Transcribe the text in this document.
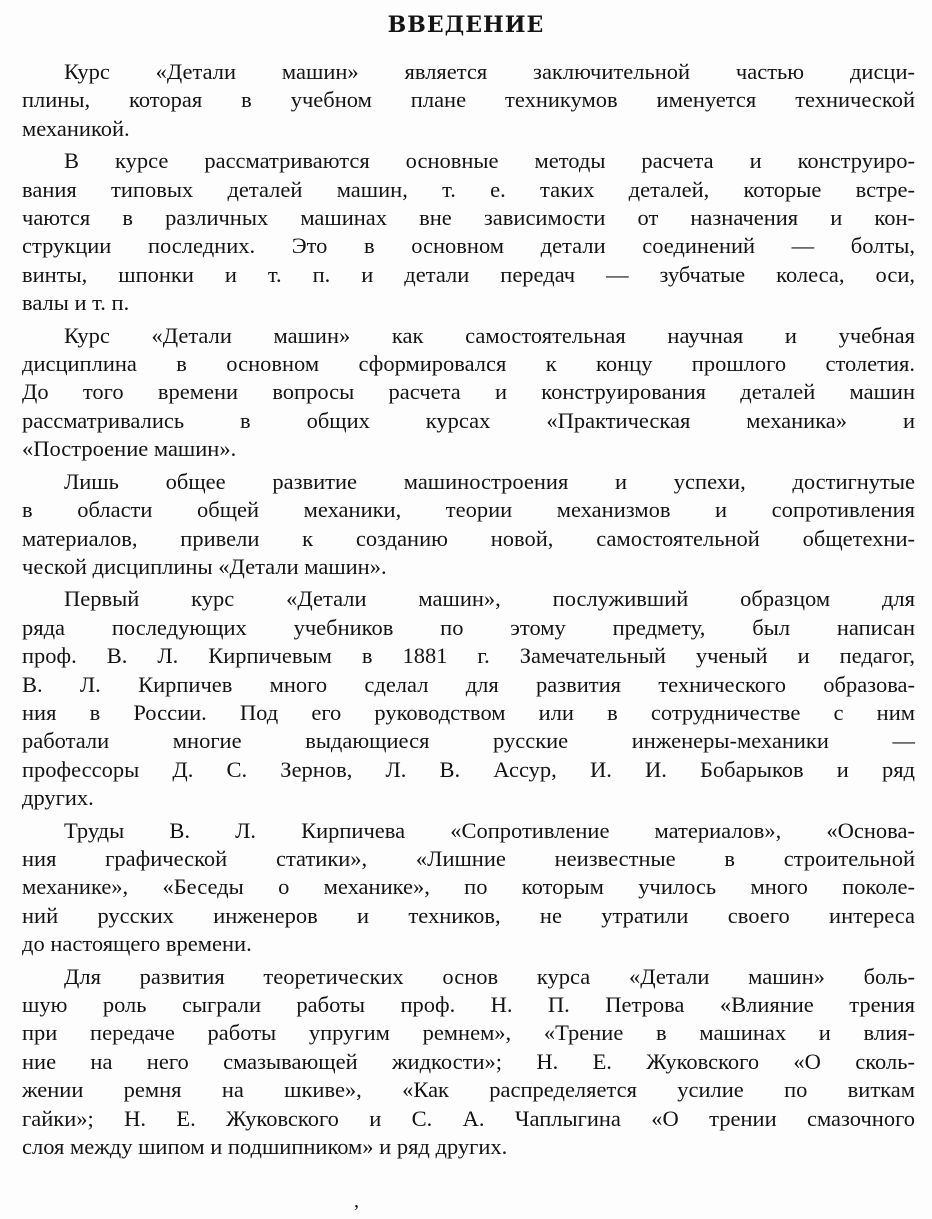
ВВЕДЕНИЕ
Курс «Детали машин» является заключительной частью дисци-
плины, которая в учебном плане техникумов именуется технической
механикой.
В курсе рассматриваются основные методы расчета и конструиро-
вания типовых деталей машин, т. е. таких деталей, которые встре-
чаются в различных машинах вне зависимости от назначения и кон-
струкции последних. Это в основном детали соединений — болты,
винты, шпонки и т. п. и детали передач — зубчатые колеса, оси,
валы и т. п.
Курс «Детали машин» как самостоятельная научная и учебная
дисциплина в основном сформировался к концу прошлого столетия.
До того времени вопросы расчета и конструирования деталей машин
рассматривались в общих курсах «Практическая механика» и
«Построение машин».
Лишь общее развитие машиностроения и успехи, достигнутые
в области общей механики, теории механизмов и сопротивления
материалов, привели к созданию новой, самостоятельной общетехни-
ческой дисциплины «Детали машин».
Первый курс «Детали машин», послуживший образцом для
ряда последующих учебников по этому предмету, был написан
проф. В. Л. Кирпичевым в 1881 г. Замечательный ученый и педагог,
В. Л. Кирпичев много сделал для развития технического образова-
ния в России. Под его руководством или в сотрудничестве с ним
работали многие выдающиеся русские инженеры-механики —
профессоры Д. С. Зернов, Л. В. Ассур, И. И. Бобарыков и ряд
других.
Труды В. Л. Кирпичева «Сопротивление материалов», «Основа-
ния графической статики», «Лишние неизвестные в строительной
механике», «Беседы о механике», по которым училось много поколе-
ний русских инженеров и техников, не утратили своего интереса
до настоящего времени.
Для развития теоретических основ курса «Детали машин» боль-
шую роль сыграли работы проф. Н. П. Петрова «Влияние трения
при передаче работы упругим ремнем», «Трение в машинах и влия-
ние на него смазывающей жидкости»; Н. Е. Жуковского «О сколь-
жении ремня на шкиве», «Как распределяется усилие по виткам
гайки»; Н. Е. Жуковского и С. А. Чаплыгина «О трении смазочного
слоя между шипом и подшипником» и ряд других.
,
